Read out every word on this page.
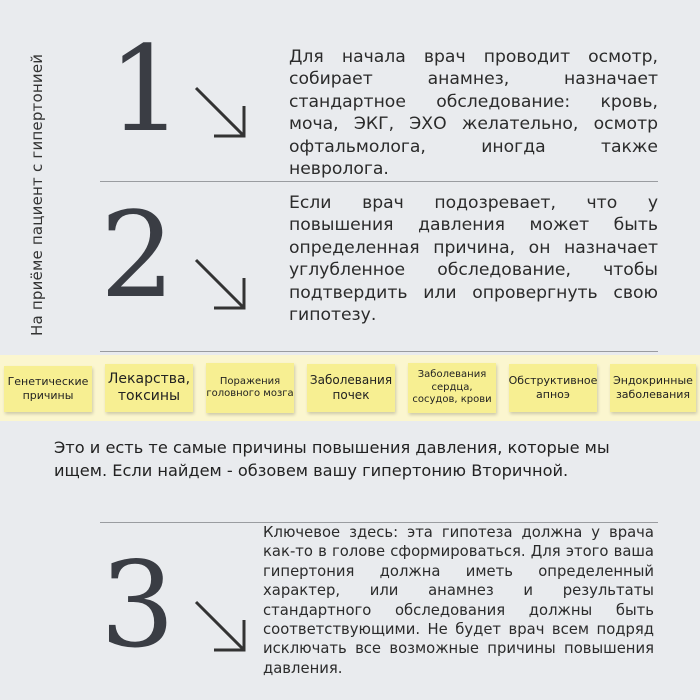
На приёме пациент с гипертонией 1	Для начала врач проводит осмотр, собирает анамнез, назначает стандартное обследование: кровь, моча, ЭКГ, ЭХО желательно, осмотр офтальмолога, иногда также невролога.
2	Если врач подозревает, что у повышения давления может быть определенная причина, он назначает углубленное обследование, чтобы подтвердить или опровергнуть свою гипотезу.
Генетические причины
Лекарства, токсины
Поражения головного мозга
Заболевания почек
Заболевания сердца, сосудов, крови
Обструктивное апноэ
Эндокринные заболевания
Это и есть те самые причины повышения давления, которые мы ищем. Если найдем - обзовем вашу гипертонию Вторичной.
3
Ключевое здесь: эта гипотеза должна у врача как-то в голове сформироваться. Для этого ваша гипертония должна иметь определенный характер, или анамнез и результаты стандартного обследования должны быть соответствующими. Не будет врач всем подряд исключать все возможные причины повышения давления.
